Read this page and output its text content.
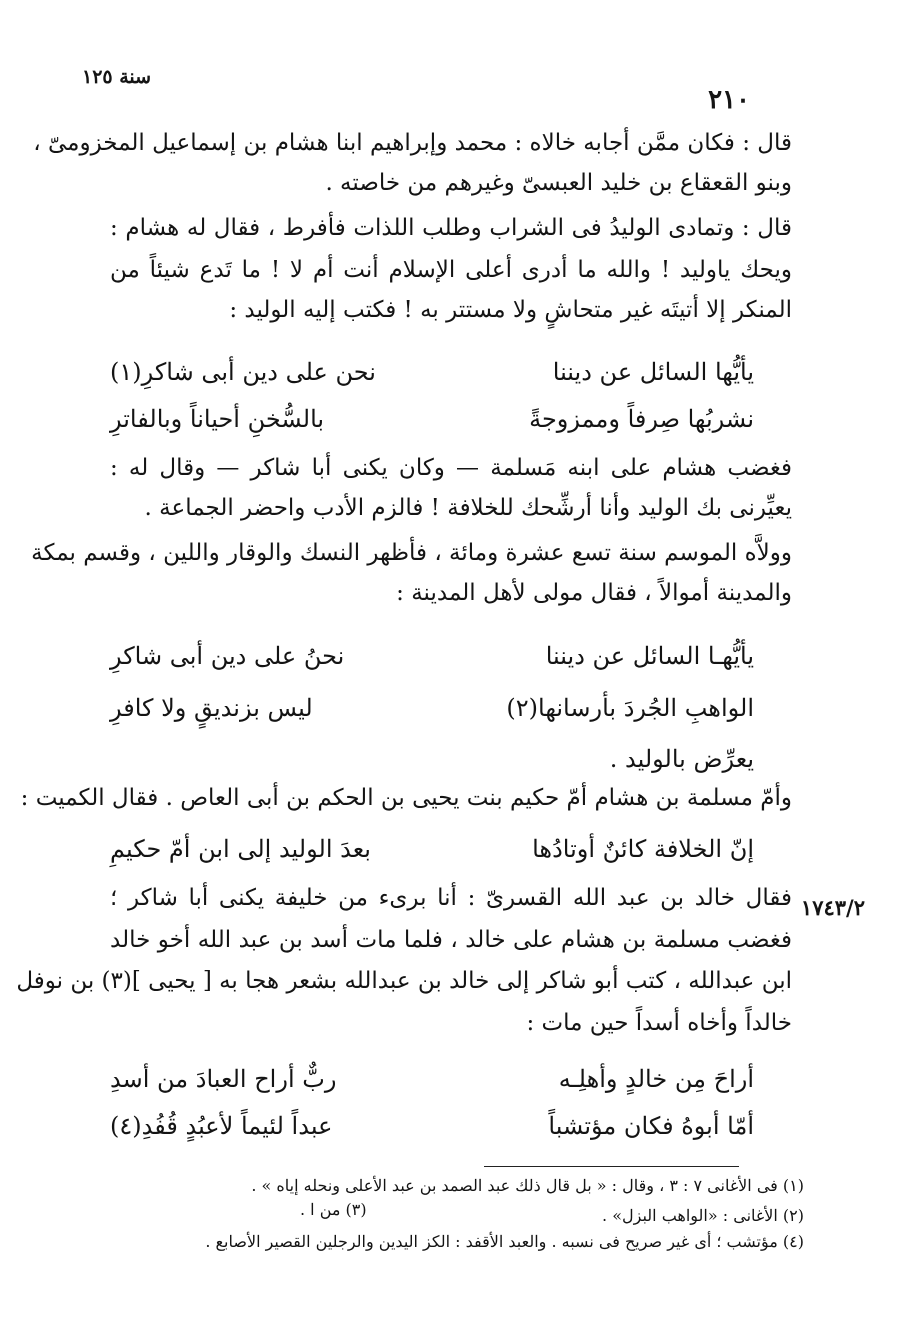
سنة ١٢٥
٢١٠
قال : فكان ممَّن أجابه خالاه : محمد وإبراهيم ابنا هشام بن إسماعيل المخزومىّ ،
وبنو القعقاع بن خليد العبسىّ وغيرهم من خاصته .
قال : وتمادى الوليدُ فى الشراب وطلب اللذات فأفرط ، فقال له هشام :
ويحك ياوليد ! والله ما أدرى أعلى الإسلام أنت أم لا ! ما تَدع شيئاً من
المنكر إلا أتيتَه غير متحاشٍ ولا مستتر به ! فكتب إليه الوليد :
يأيُّها السائل عن ديننا
نحن على دين أبى شاكرِ(١)
نشربُها صِرفاً وممزوجةً
بالسُّخنِ أحياناً وبالفاترِ
فغضب هشام على ابنه مَسلمة — وكان يكنى أبا شاكر — وقال له :
يعيِّرنى بك الوليد وأنا أرشِّحك للخلافة ! فالزم الأدب واحضر الجماعة .
وولاَّه الموسم سنة تسع عشرة ومائة ، فأظهر النسك والوقار واللين ، وقسم بمكة
والمدينة أموالاً ، فقال مولى لأهل المدينة :
يأيُّهـا السائل عن ديننا
نحنُ على دين أبى شاكرِ
الواهبِ الجُردَ بأرسانها(٢)
ليس بزنديقٍ ولا كافرِ
يعرِّض بالوليد .
وأمّ مسلمة بن هشام أمّ حكيم بنت يحيى بن الحكم بن أبى العاص . فقال الكميت :
إنّ الخلافة كائنٌ أوتادُها
بعدَ الوليد إلى ابن أمّ حكيمِ
١٧٤٣/٢
فقال خالد بن عبد الله القسرىّ : أنا برىء من خليفة يكنى أبا شاكر ؛
فغضب مسلمة بن هشام على خالد ، فلما مات أسد بن عبد الله أخو خالد
ابن عبدالله ، كتب أبو شاكر إلى خالد بن عبدالله بشعر هجا به [ يحيى ](٣) بن نوفل
خالداً وأخاه أسداً حين مات :
أراحَ مِن خالدٍ وأهلِـه
ربٌّ أراح العبادَ من أسدِ
أمّا أبوهُ فكان مؤتشباً
عبداً لئيماً لأعبُدٍ قُفُدِ(٤)
(١) فى الأغانى ٧ : ٣ ، وقال : « بل قال ذلك عبد الصمد بن عبد الأعلى ونحله إياه » .
(٢) الأغانى : «الواهب البزل» .
(٣) من ا .
(٤) مؤتشب ؛ أى غير صريح فى نسبه . والعبد الأقفد : الكز اليدين والرجلين القصير الأصابع .
